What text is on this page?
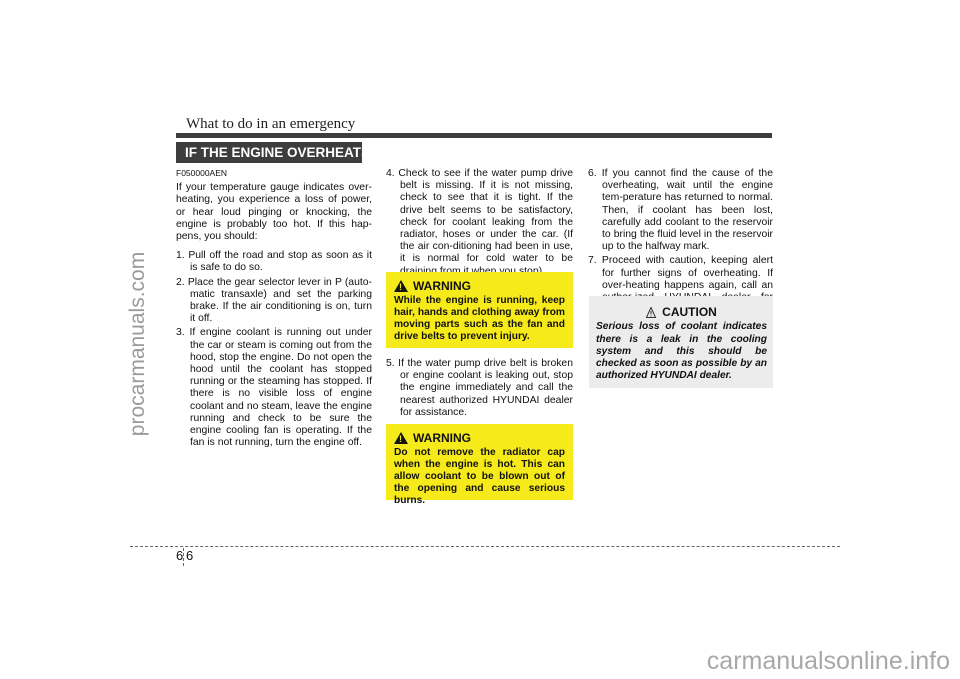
What to do in an emergency
IF THE ENGINE OVERHEATS

F050000AEN

If your temperature gauge indicates over-heating, you experience a loss of power, or hear loud pinging or knocking, the engine is probably too hot. If this hap-pens, you should:

1. Pull off the road and stop as soon as it is safe to do so.

2. Place the gear selector lever in P (auto-matic transaxle) and set the parking brake. If the air conditioning is on, turn it off.

3. If engine coolant is running out under the car or steam is coming out from the hood, stop the engine. Do not open the hood until the coolant has stopped running or the steaming has stopped. If there is no visible loss of engine coolant and no steam, leave the engine running and check to be sure the engine cooling fan is operating. If the fan is not running, turn the engine off.

4. Check to see if the water pump drive belt is missing. If it is not missing, check to see that it is tight. If the drive belt seems to be satisfactory, check for coolant leaking from the radiator, hoses or under the car. (If the air con-ditioning had been in use, it is normal for cold water to be

!
WARNING
While the engine is running, keep hair, hands and clothing away from moving parts such as the fan and drive belts to prevent injury.

5. If the water pump drive belt is broken or engine coolant is leaking out, stop the engine immediately and call the nearest authorized HYUNDAI dealer for assistance.

!
WARNING
Do not remove the radiator cap when the engine is hot. This can allow coolant to be blown out of the opening and cause serious burns.

6. If you cannot find the cause of the overheating, wait until the engine tem-perature has returned to normal. Then, if coolant has been lost, carefully add coolant to the reservoir to bring the fluid level in the reservoir up to the halfway mark.

7. Proceed with caution, keeping alert for further signs of overheating. If over-heating happens again, call an

CAUTION
Serious loss of coolant indicates there is a leak in the cooling system and this should be checked as soon as possible by an authorized HYUNDAI dealer.
6 6
procarmanuals.com
carmanualsonline.info
